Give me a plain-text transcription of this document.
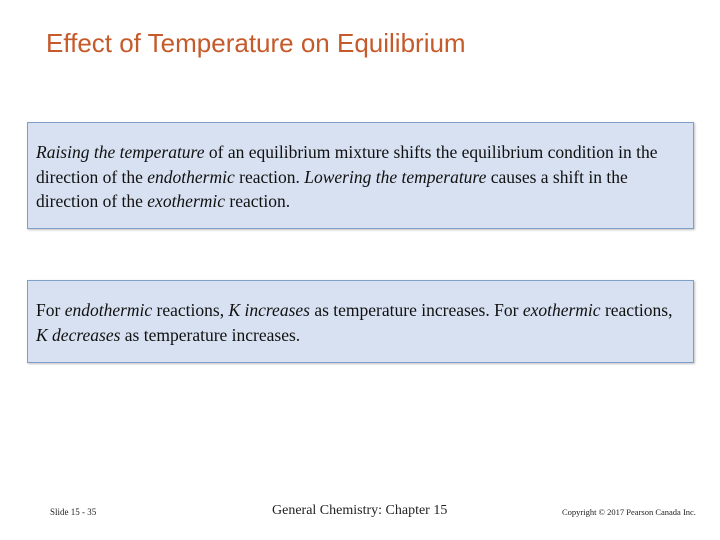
Effect of Temperature on Equilibrium

Raising the temperature of an equilibrium mixture shifts the equilibrium condition in the direction of the endothermic reaction. Lowering the temperature causes a shift in the direction of the exothermic reaction.

For endothermic reactions, K increases as temperature increases. For exothermic reactions, K decreases as temperature increases.

Slide 15 - 35	General Chemistry: Chapter 15	Copyright © 2017 Pearson Canada Inc.
